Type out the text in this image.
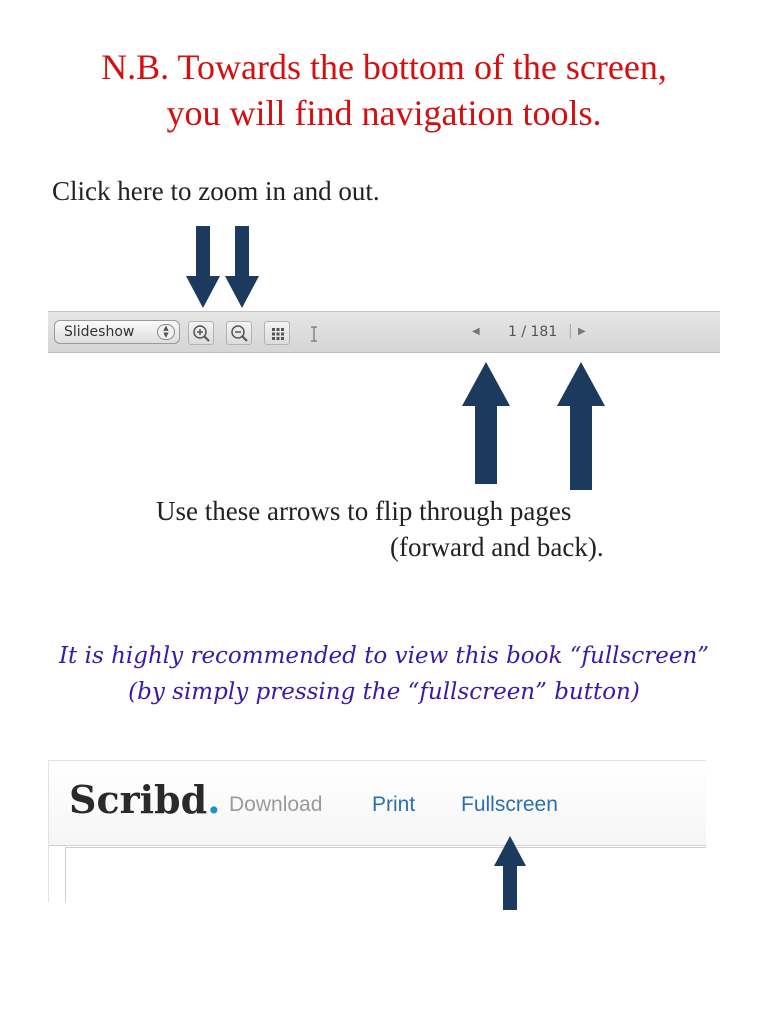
N.B. Towards the bottom of the screen,
you will find navigation tools.
Click here to zoom in and out.
Slideshow	▲
▼	◀ 1 / 181 | ▶
Use these arrows to flip through pages
(forward and back).
It is highly recommended to view this book “fullscreen”
(by simply pressing the “fullscreen” button)
Scribd. Download Print Fullscreen
